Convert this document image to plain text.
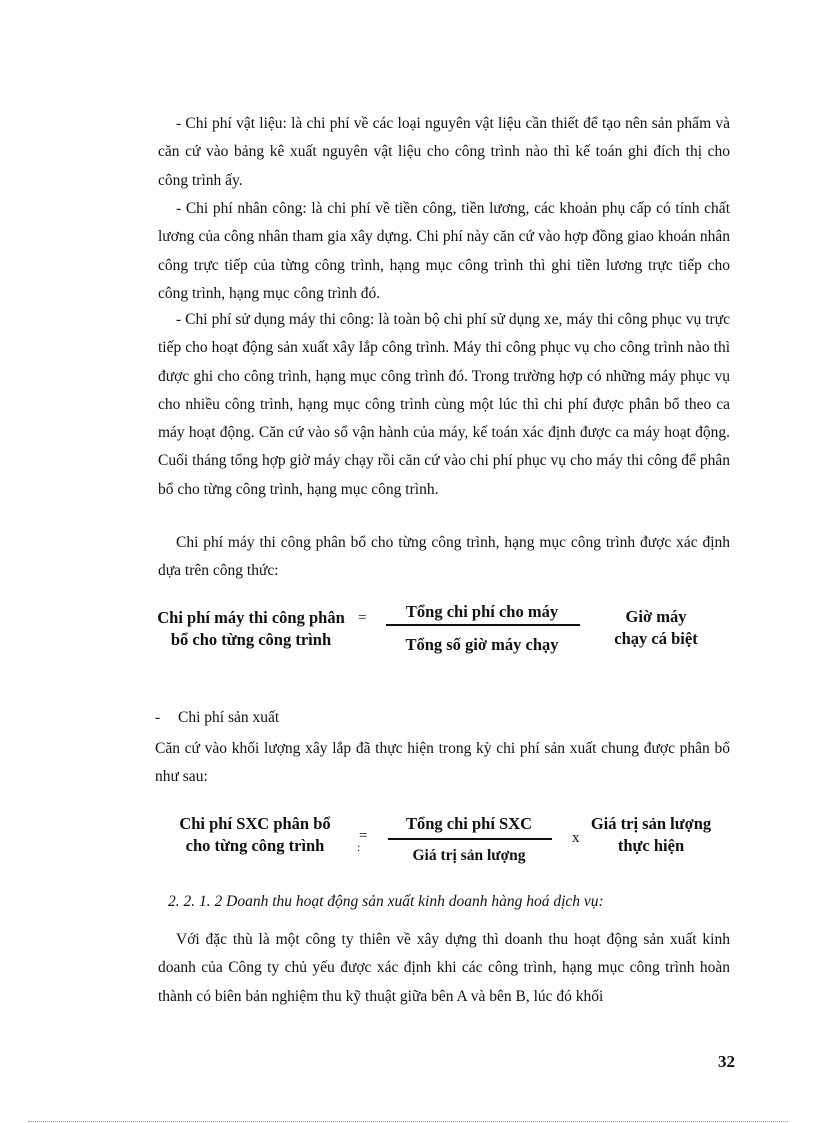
- Chi phí vật liệu: là chi phí về các loại nguyên vật liệu cần thiết để tạo nên sản phẩm và căn cứ vào bảng kê xuất nguyên vật liệu cho công trình nào thì kế toán ghi đích thị cho công trình ấy.

- Chi phí nhân công: là chi phí về tiền công, tiền lương, các khoản phụ cấp có tính chất lương của công nhân tham gia xây dựng. Chi phí này căn cứ vào hợp đồng giao khoán nhân công trực tiếp của từng công trình, hạng mục công trình thì ghi tiền lương trực tiếp cho công trình, hạng mục công trình đó.

- Chi phí sử dụng máy thi công: là toàn bộ chi phí sử dụng xe, máy thi công phục vụ trực tiếp cho hoạt động sản xuất xây lắp công trình. Máy thi công phục vụ cho công trình nào thì được ghi cho công trình, hạng mục công trình đó. Trong trường hợp có những máy phục vụ cho nhiều công trình, hạng mục công trình cùng một lúc thì chi phí được phân bổ theo ca máy hoạt động. Căn cứ vào sổ vận hành của máy, kế toán xác định được ca máy hoạt động. Cuối tháng tổng hợp giờ máy chạy rồi căn cứ vào chi phí phục vụ cho máy thi công để phân bổ cho từng công trình, hạng mục công trình.

Chi phí máy thi công phân bổ cho từng công trình, hạng mục công trình được xác định dựa trên công thức:

Chi phí máy thi công phân
bổ cho từng công trình
=	Tổng chi phí cho máy
Tổng số giờ máy chạy
Giờ máy
chạy cá biệt
- Chi phí sản xuất

Căn cứ vào khối lượng xây lắp đã thực hiện trong kỳ chi phí sản xuất chung được phân bổ như sau:

Chi phí SXC phân bổ
cho từng công trình	=
:
Tổng chi phí SXC
Giá trị sản lượng
x
Giá trị sản lượng
thực hiện
2. 2. 1. 2 Doanh thu hoạt động sản xuất kinh doanh hàng hoá dịch vụ:

Với đặc thù là một công ty thiên về xây dựng thì doanh thu hoạt động sản xuất kinh doanh của Công ty chủ yếu được xác định khi các công trình, hạng mục công trình hoàn thành có biên bản nghiệm thu kỹ thuật giữa bên A và bên B, lúc đó khối

32
